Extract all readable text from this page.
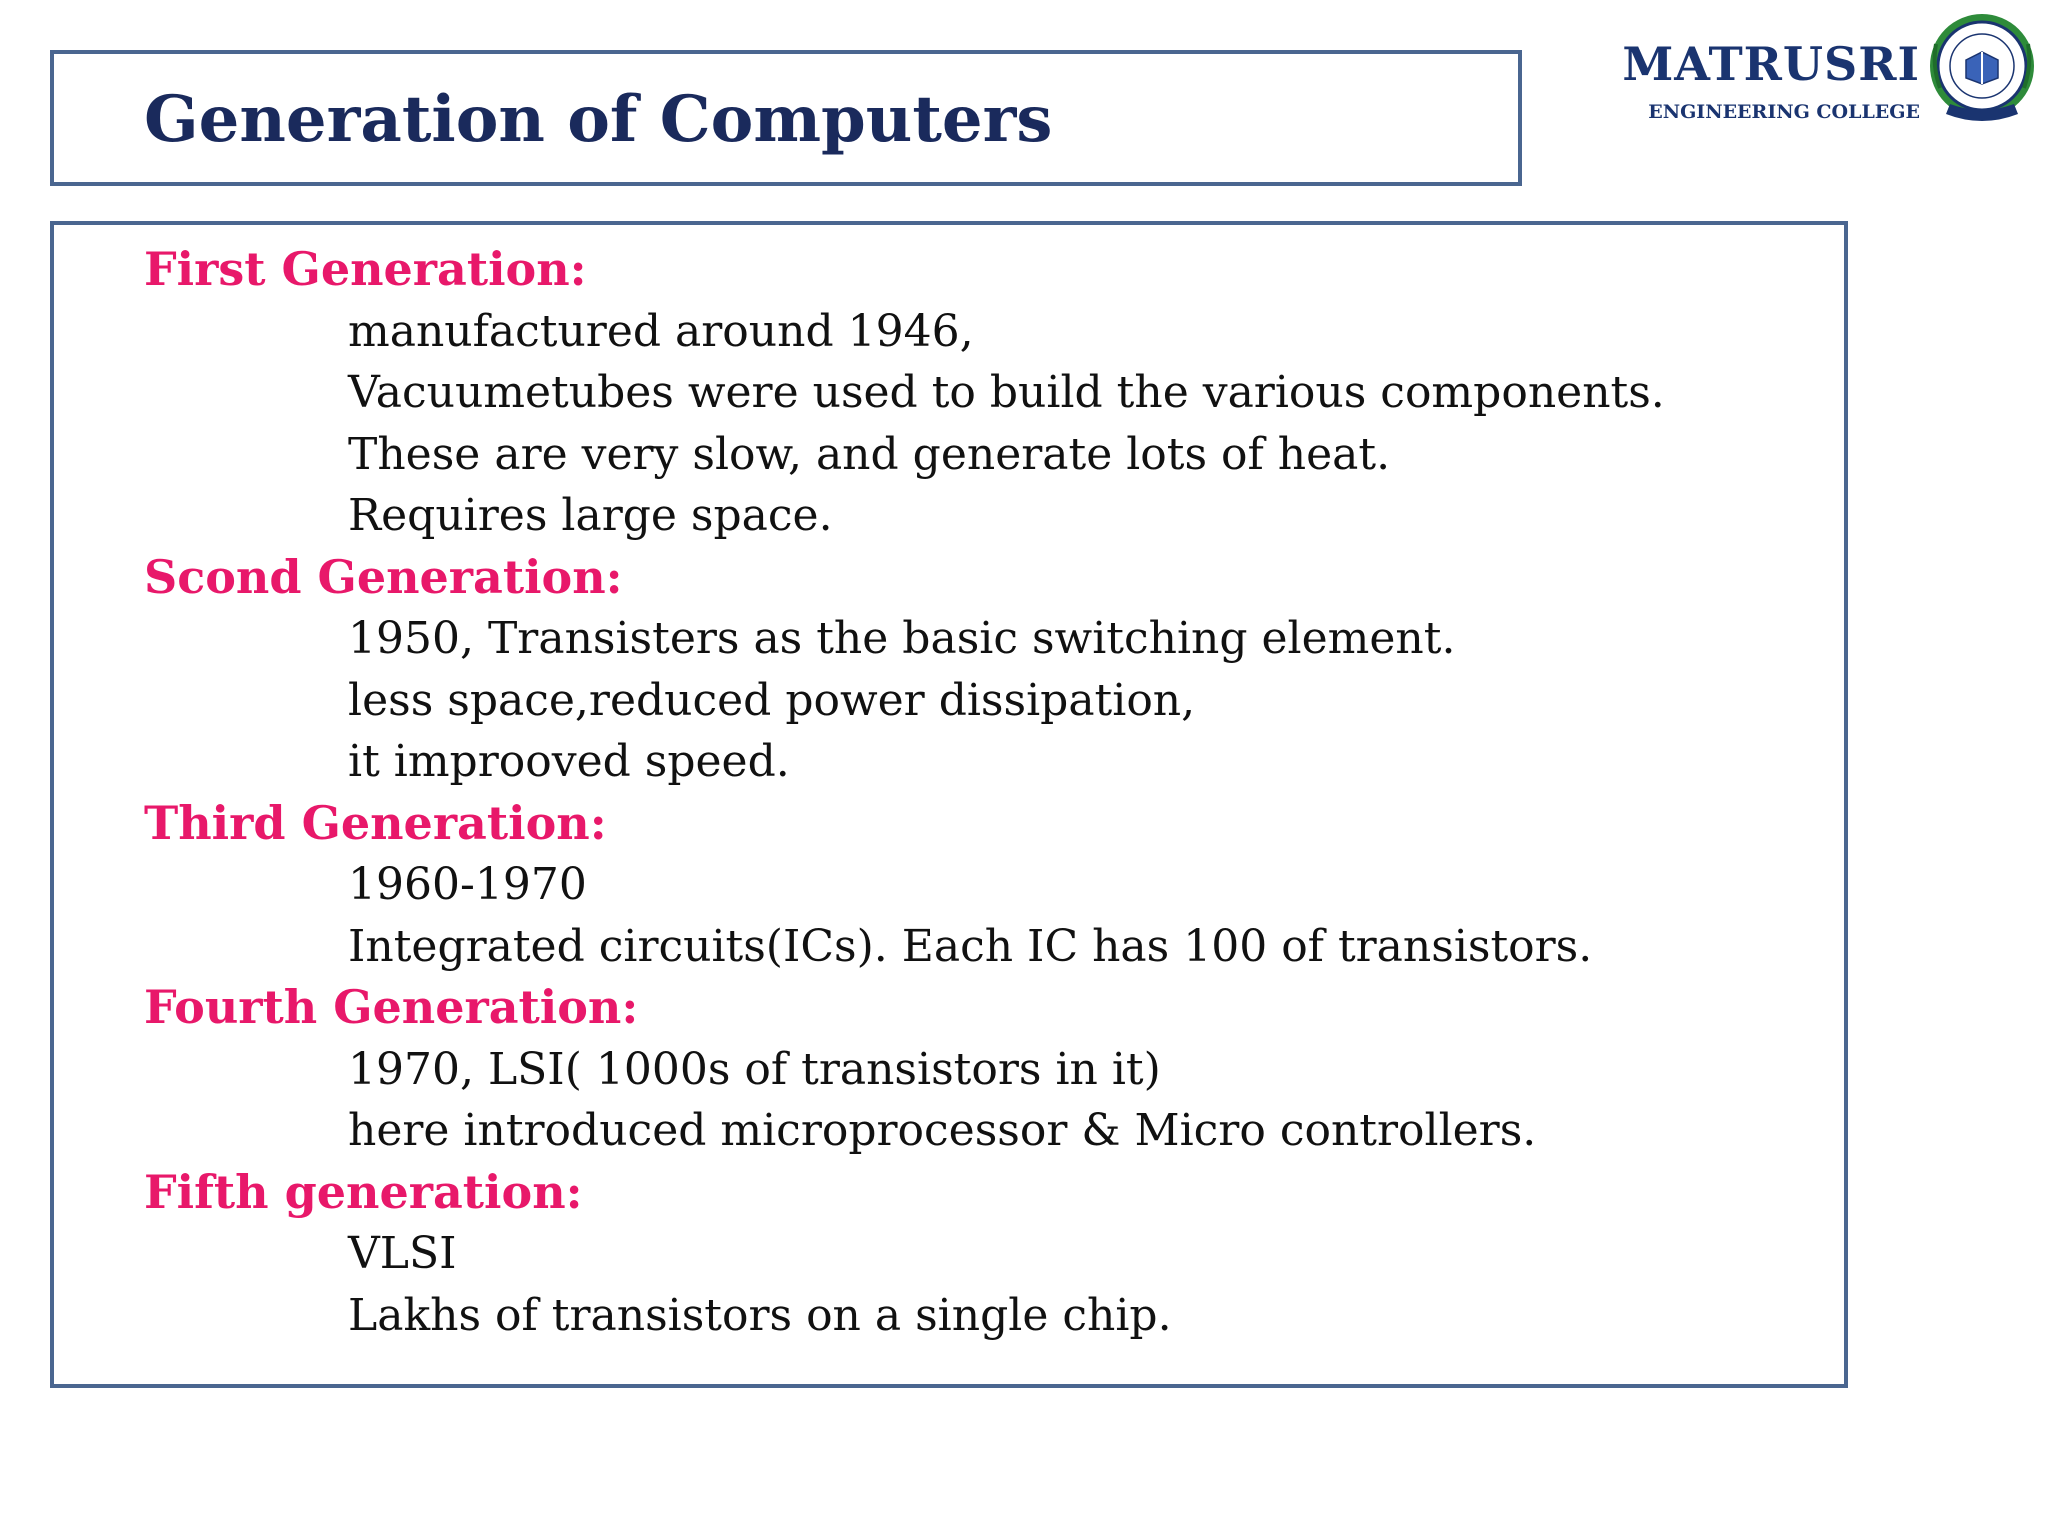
Generation of Computers
MATRUSRI
ENGINEERING COLLEGE
First Generation:
manufactured around 1946,
Vacuumetubes were used to build the various components.
These are very slow, and generate lots of heat.
Requires large space.
Scond Generation:
1950, Transisters as the basic switching element.
less space,reduced power dissipation,
it improoved speed.
Third Generation:
1960-1970
Integrated circuits(ICs). Each IC has 100 of transistors.
Fourth Generation:
1970, LSI( 1000s of transistors in it)
here introduced microprocessor & Micro controllers.
Fifth generation:
VLSI
Lakhs of transistors on a single chip.
